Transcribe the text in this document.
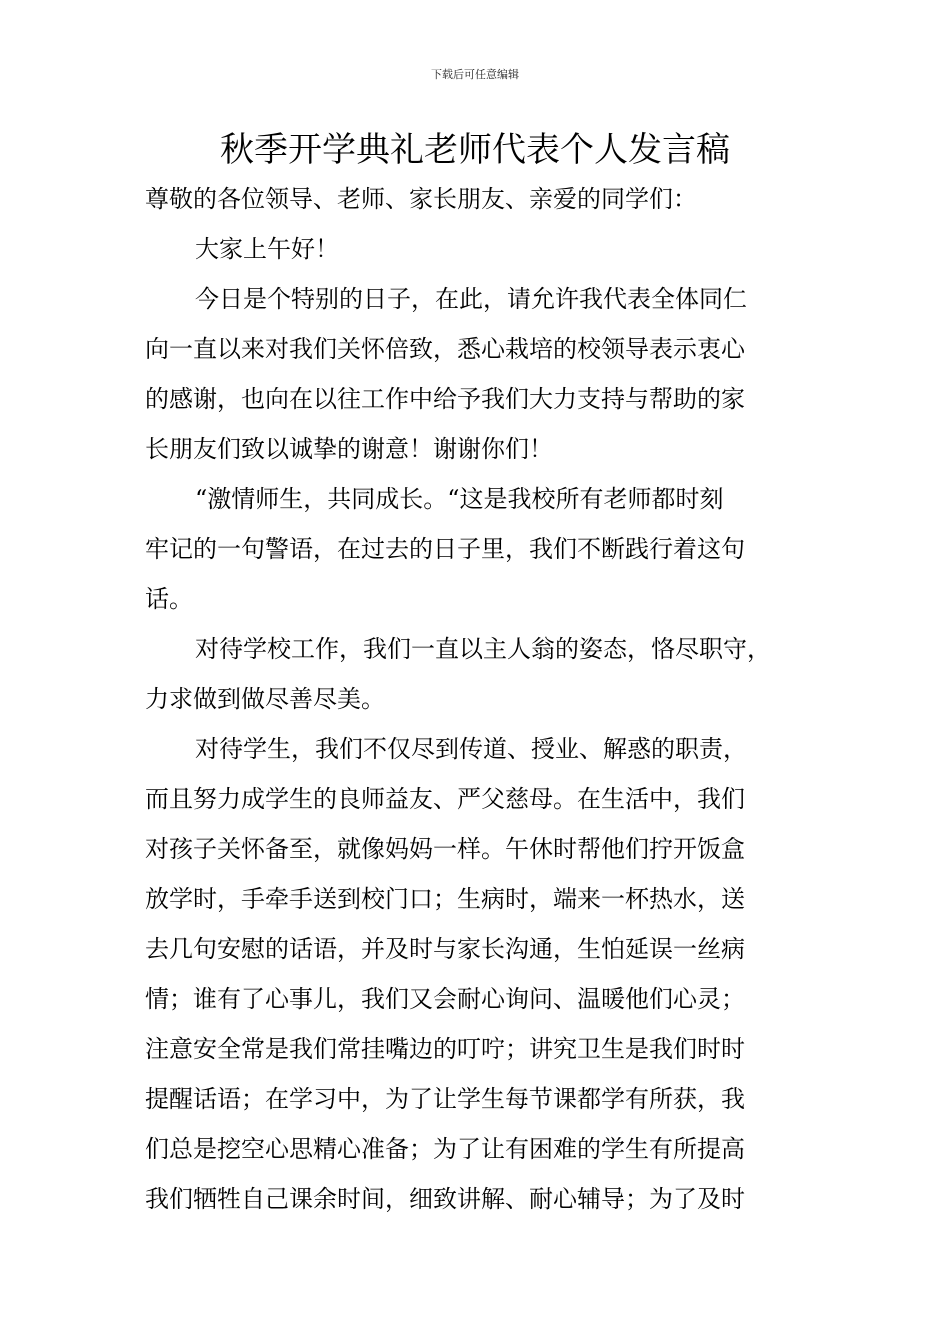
下载后可任意编辑
秋季开学典礼老师代表个人发言稿
尊敬的各位领导、老师、家长朋友、亲爱的同学们：
大家上午好！
今日是个特别的日子，在此，请允许我代表全体同仁
向一直以来对我们关怀倍致，悉心栽培的校领导表示衷心
的感谢，也向在以往工作中给予我们大力支持与帮助的家
长朋友们致以诚挚的谢意！谢谢你们！
“激情师生，共同成长。“这是我校所有老师都时刻
牢记的一句警语，在过去的日子里，我们不断践行着这句
话。
对待学校工作，我们一直以主人翁的姿态，恪尽职守，
力求做到做尽善尽美。
对待学生，我们不仅尽到传道、授业、解惑的职责，
而且努力成学生的良师益友、严父慈母。在生活中，我们
对孩子关怀备至，就像妈妈一样。午休时帮他们拧开饭盒
放学时，手牵手送到校门口；生病时，端来一杯热水，送
去几句安慰的话语，并及时与家长沟通，生怕延误一丝病
情；谁有了心事儿，我们又会耐心询问、温暖他们心灵；
注意安全常是我们常挂嘴边的叮咛；讲究卫生是我们时时
提醒话语；在学习中，为了让学生每节课都学有所获，我
们总是挖空心思精心准备；为了让有困难的学生有所提高
我们牺牲自己课余时间，细致讲解、耐心辅导；为了及时
